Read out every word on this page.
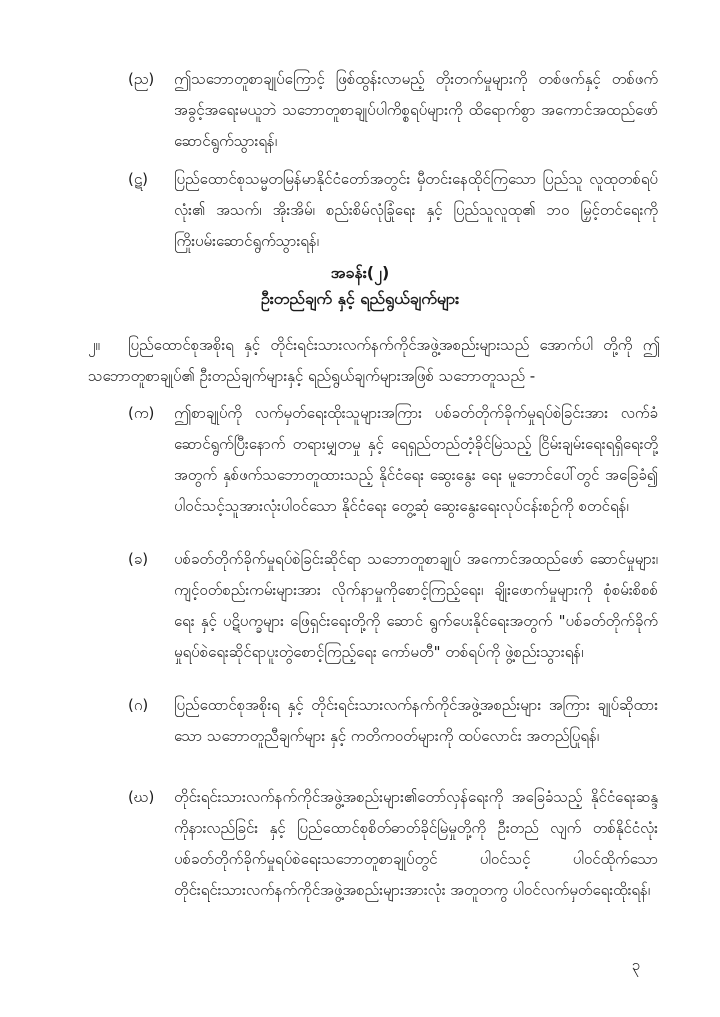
(ည)	ဤသဘောတူစာချုပ်ကြောင့် ဖြစ်ထွန်းလာမည့် တိုးတက်မှုများကို တစ်ဖက်နှင့် တစ်ဖက် အခွင့်အရေးမယူဘဲ သဘောတူစာချုပ်ပါကိစ္စရပ်များကို ထိရောက်စွာ အကောင်အထည်ဖော်ဆောင်ရွက်သွားရန်၊
(ဋ)	ပြည်ထောင်စုသမ္မတမြန်မာနိုင်ငံတော်အတွင်း မှီတင်းနေထိုင်ကြသော ပြည်သူ လူထုတစ်ရပ်လုံး၏ အသက်၊ အိုးအိမ်၊ စည်းစိမ်လုံခြုံရေး နှင့် ပြည်သူလူထု၏ ဘဝ မြှင့်တင်ရေးကို ကြိုးပမ်းဆောင်ရွက်သွားရန်၊
အခန်း(၂)
ဦးတည်ချက် နှင့် ရည်ရွယ်ချက်များ
၂။	ပြည်ထောင်စုအစိုးရ နှင့် တိုင်းရင်းသားလက်နက်ကိုင်အဖွဲ့အစည်းများသည် အောက်ပါ တို့ကို ဤသဘောတူစာချုပ်၏ ဦးတည်ချက်များနှင့် ရည်ရွယ်ချက်များအဖြစ် သဘောတူသည် -
(က)	ဤစာချုပ်ကို လက်မှတ်ရေးထိုးသူများအကြား ပစ်ခတ်တိုက်ခိုက်မှုရပ်စဲခြင်းအား လက်ခံဆောင်ရွက်ပြီးနောက် တရားမျှတမှု နှင့် ရေရှည်တည်တံ့ခိုင်မြဲသည့် ငြိမ်းချမ်းရေးရရှိရေးတို့အတွက် နှစ်ဖက်သဘောတူထားသည့် နိုင်ငံရေး ဆွေးနွေး ရေး မူဘောင်ပေါ်တွင် အခြေခံ၍ ပါဝင်သင့်သူအားလုံးပါဝင်သော နိုင်ငံရေး တွေ့ဆုံ ဆွေးနွေးရေးလုပ်ငန်းစဉ်ကို စတင်ရန်၊
(ခ)	ပစ်ခတ်တိုက်ခိုက်မှုရပ်စဲခြင်းဆိုင်ရာ သဘောတူစာချုပ် အကောင်အထည်ဖော် ဆောင်မှုများ၊ ကျင့်ဝတ်စည်းကမ်းများအား လိုက်နာမှုကိုစောင့်ကြည့်ရေး၊ ချိုးဖောက်မှုများကို စုံစမ်းစိစစ်ရေး နှင့် ပဋိပက္ခများ ဖြေရှင်းရေးတို့ကို ဆောင် ရွက်ပေးနိုင်ရေးအတွက် "ပစ်ခတ်တိုက်ခိုက်မှုရပ်စဲရေးဆိုင်ရာပူးတွဲစောင့်ကြည့်ရေး ကော်မတီ" တစ်ရပ်ကို ဖွဲ့စည်းသွားရန်၊
(ဂ)	ပြည်ထောင်စုအစိုးရ နှင့် တိုင်းရင်းသားလက်နက်ကိုင်အဖွဲ့အစည်းများ အကြား ချုပ်ဆိုထားသော သဘောတူညီချက်များ နှင့် ကတိကဝတ်များကို ထပ်လောင်း အတည်ပြုရန်၊
(ဃ)	တိုင်းရင်းသားလက်နက်ကိုင်အဖွဲ့အစည်းများ၏တော်လှန်ရေးကို အခြေခံသည့် နိုင်ငံရေးဆန္ဒကိုနားလည်ခြင်း နှင့် ပြည်ထောင်စုစိတ်ဓာတ်ခိုင်မြဲမှုတို့ကို ဦးတည် လျက် တစ်နိုင်ငံလုံးပစ်ခတ်တိုက်ခိုက်မှုရပ်စဲရေးသဘောတူစာချုပ်တွင် ပါဝင်သင့် ပါဝင်ထိုက်သော တိုင်းရင်းသားလက်နက်ကိုင်အဖွဲ့အစည်းများအားလုံး အတူတကွ ပါဝင်လက်မှတ်ရေးထိုးရန်၊
၃
